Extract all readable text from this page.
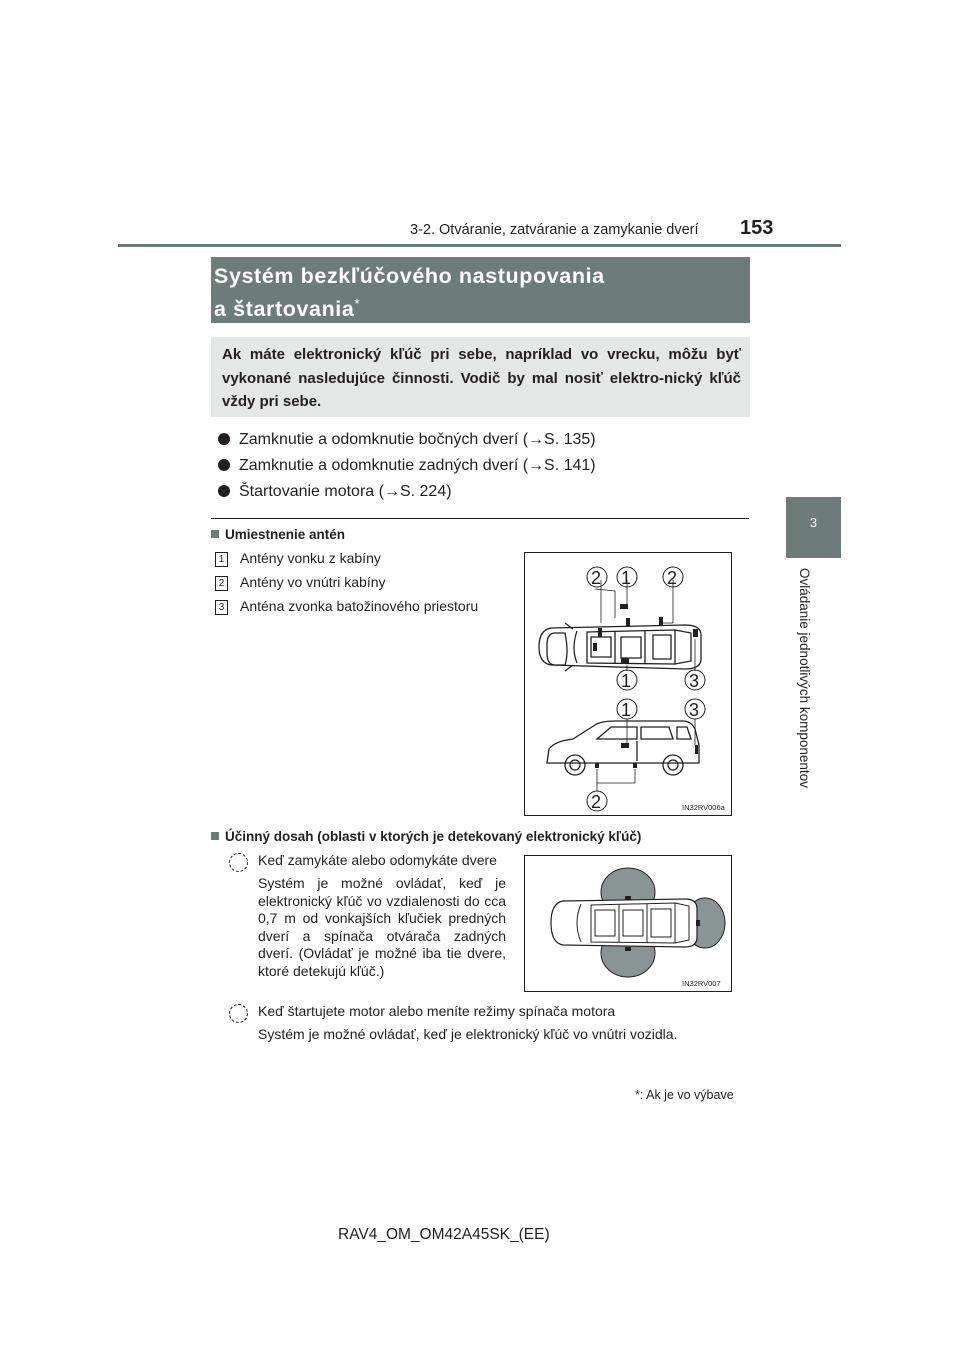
3-2. Otváranie, zatváranie a zamykanie dverí 153
3
Ovládanie jednotlivých komponentov
Systém bezkľúčového nastupovania
a štartovania*
Ak máte elektronický kľúč pri sebe, napríklad vo vrecku, môžu byť vykonané nasledujúce činnosti. Vodič by mal nosiť elektro-nický kľúč vždy pri sebe.
Zamknutie a odomknutie bočných dverí (→S. 135)
Zamknutie a odomknutie zadných dverí (→S. 141)
Štartovanie motora (→S. 224)
Umiestnenie antén
1 Antény vonku z kabíny
2 Antény vo vnútri kabíny
3 Anténa zvonka batožinového priestoru
2 1 2
1	3
1	3
2	IN32RV006a
Účinný dosah (oblasti v ktorých je detekovaný elektronický kľúč)
Keď zamykáte alebo odomykáte dvere
Systém je možné ovládať, keď je elektronický kľúč vo vzdialenosti do cca 0,7 m od vonkajších kľučiek predných dverí a spínača otvárača zadných dverí. (Ovládať je možné iba tie dvere, ktoré detekujú kľúč.)
IN32RV007
Keď štartujete motor alebo meníte režimy spínača motora
Systém je možné ovládať, keď je elektronický kľúč vo vnútri vozidla.
*: Ak je vo výbave
RAV4_OM_OM42A45SK_(EE)
